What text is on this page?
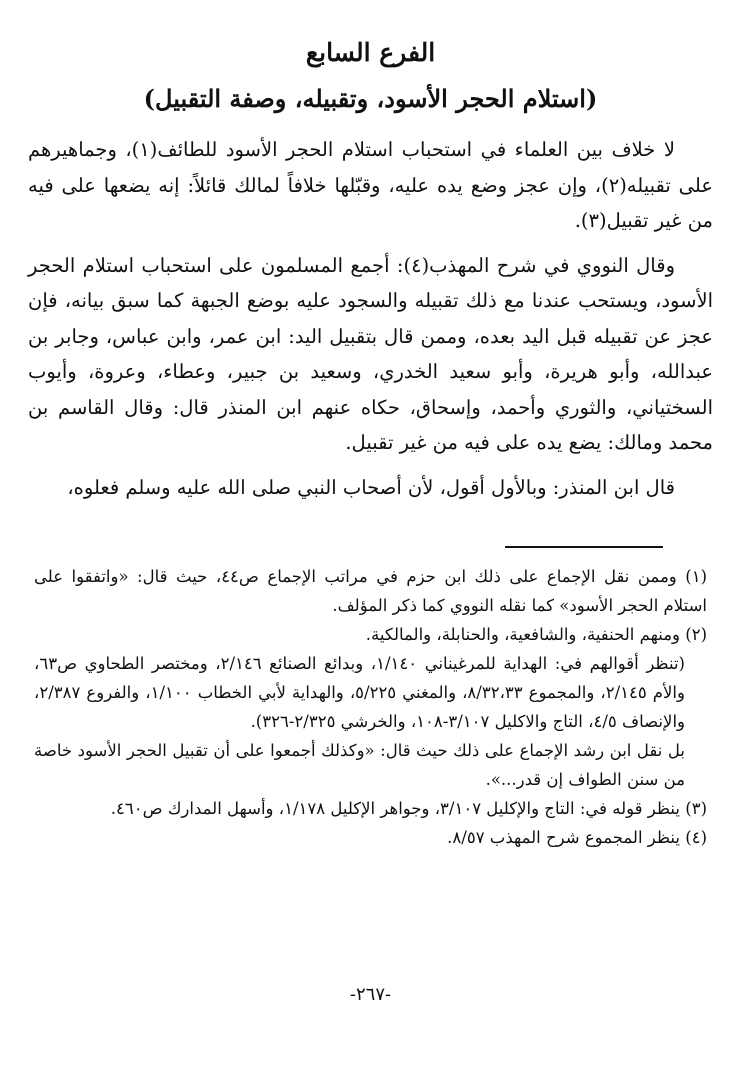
الفرع السابع
(استلام الحجر الأسود، وتقبيله، وصفة التقبيل)

لا خلاف بين العلماء في استحباب استلام الحجر الأسود للطائف(١)، وجماهيرهم على تقبيله(٢)، وإن عجز وضع يده عليه، وقبّلها خلافاً لمالك قائلاً: إنه يضعها على فيه من غير تقبيل(٣).

وقال النووي في شرح المهذب(٤): أجمع المسلمون على استحباب استلام الحجر الأسود، ويستحب عندنا مع ذلك تقبيله والسجود عليه بوضع الجبهة كما سبق بيانه، فإن عجز عن تقبيله قبل اليد بعده، وممن قال بتقبيل اليد: ابن عمر، وابن عباس، وجابر بن عبدالله، وأبو هريرة، وأبو سعيد الخدري، وسعيد بن جبير، وعطاء، وعروة، وأيوب السختياني، والثوري وأحمد، وإسحاق، حكاه عنهم ابن المنذر قال: وقال القاسم بن محمد ومالك: يضع يده على فيه من غير تقبيل.

قال ابن المنذر: وبالأول أقول، لأن أصحاب النبي صلى الله عليه وسلم فعلوه،

(١) وممن نقل الإجماع على ذلك ابن حزم في مراتب الإجماع ص٤٤، حيث قال: «واتفقوا على استلام الحجر الأسود» كما نقله النووي كما ذكر المؤلف.

(٢) ومنهم الحنفية، والشافعية، والحنابلة، والمالكية.

(تنظر أقوالهم في: الهداية للمرغيناني ١/١٤٠، وبدائع الصنائع ٢/١٤٦، ومختصر الطحاوي ص٦٣، والأم ٢/١٤٥، والمجموع ٨/٣٢،٣٣، والمغني ٥/٢٢٥، والهداية لأبي الخطاب ١/١٠٠، والفروع ٢/٣٨٧، والإنصاف ٤/٥، التاج والاكليل ٣/١٠٧-١٠٨، والخرشي ٢/٣٢٥-٣٢٦).

بل نقل ابن رشد الإجماع على ذلك حيث قال: «وكذلك أجمعوا على أن تقبيل الحجر الأسود خاصة من سنن الطواف إن قدر...».

(٣) ينظر قوله في: التاج والإكليل ٣/١٠٧، وجواهر الإكليل ١/١٧٨، وأسهل المدارك ص٤٦٠.

(٤) ينظر المجموع شرح المهذب ٨/٥٧.

-٢٦٧-
